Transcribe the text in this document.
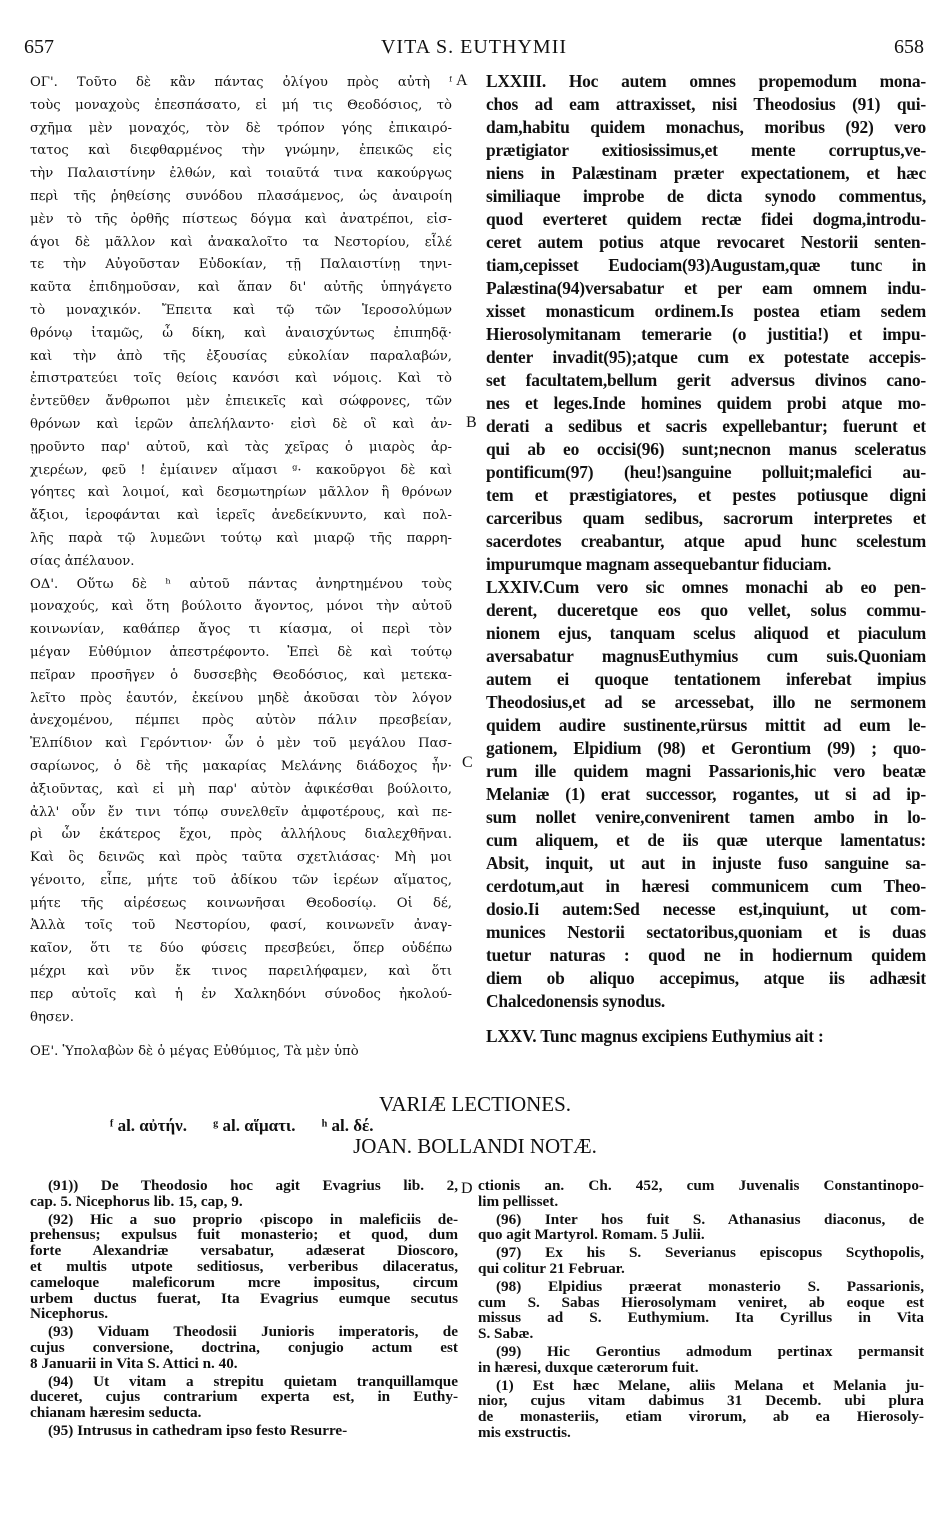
657	VITA S. EUTHYMII	658
ΟΓ'. Τοῦτο δὲ κἂν πάντας ὀλίγου πρὸς αὐτὴ ᶠ
τοὺς μοναχοὺς ἐπεσπάσατο, εἰ μή τις Θεοδόσιος, τὸ
σχῆμα μὲν μοναχός, τὸν δὲ τρόπον γόης ἐπικαιρό-
τατος καὶ διεφθαρμένος τὴν γνώμην, ἐπεικῶς εἰς
τὴν Παλαιστίνην ἐλθών, καὶ τοιαῦτά τινα κακούργως
περὶ τῆς ῥηθείσης συνόδου πλασάμενος, ὡς ἀναιροίη
μὲν τὸ τῆς ὀρθῆς πίστεως δόγμα καὶ ἀνατρέποι, εἰσ-
άγοι δὲ μᾶλλον καὶ ἀνακαλοῖτο τα Νεστορίου, εἷλέ
τε τὴν Αὐγοῦσταν Εὐδοκίαν, τῇ Παλαιστίνῃ τηνι-
καῦτα ἐπιδημοῦσαν, καὶ ἅπαν δι' αὐτῆς ὑπηγάγετο
τὸ μοναχικόν. Ἔπειτα καὶ τῷ τῶν Ἱεροσολύμων
θρόνῳ ἰταμῶς, ὦ δίκη, καὶ ἀναισχύντως ἐπιπηδᾷ·
καὶ τὴν ἀπὸ τῆς ἐξουσίας εὐκολίαν παραλαβών,
ἐπιστρατεύει τοῖς θείοις κανόσι καὶ νόμοις. Καὶ τὸ
ἐντεῦθεν ἄνθρωποι μὲν ἐπιεικεῖς καὶ σώφρονες, τῶν
θρόνων καὶ ἱερῶν ἀπελήλαντο· εἰσὶ δὲ οἳ καὶ ἀν-
ῃροῦντο παρ' αὐτοῦ, καὶ τὰς χεῖρας ὁ μιαρὸς ἀρ-
χιερέων, φεῦ ! ἐμίαινεν αἵμασι ᵍ· κακοῦργοι δὲ καὶ
γόητες καὶ λοιμοί, καὶ δεσμωτηρίων μᾶλλον ἢ θρόνων
ἄξιοι, ἱεροφάνται καὶ ἱερεῖς ἀνεδείκνυντο, καὶ πολ-
λῆς παρὰ τῷ λυμεῶνι τούτῳ καὶ μιαρῷ τῆς παρρη-
σίας ἀπέλαυον.
ΟΔ'. Οὕτω δὲ ʰ αὐτοῦ πάντας ἀνηρτημένου τοὺς
μοναχούς, καὶ ὅτη βούλοιτο ἄγοντος, μόνοι τὴν αὐτοῦ
κοινωνίαν, καθάπερ ἄγος τι κίασμα, οἱ περὶ τὸν
μέγαν Εὐθύμιον ἀπεστρέφοντο. Ἐπεὶ δὲ καὶ τούτῳ
πεῖραν προσῆγεν ὁ δυσσεβὴς Θεοδόσιος, καὶ μετεκα-
λεῖτο πρὸς ἑαυτόν, ἐκείνου μηδὲ ἀκοῦσαι τὸν λόγον
ἀνεχομένου, πέμπει πρὸς αὐτὸν πάλιν πρεσβείαν,
Ἐλπίδιον καὶ Γερόντιον· ὧν ὁ μὲν τοῦ μεγάλου Πασ-
σαρίωνος, ὁ δὲ τῆς μακαρίας Μελάνης διάδοχος ἦν·
ἀξιοῦντας, καὶ εἰ μὴ παρ' αὐτὸν ἀφικέσθαι βούλοιτο,
ἀλλ' οὖν ἔν τινι τόπῳ συνελθεῖν ἀμφοτέρους, καὶ πε-
ρὶ ὧν ἑκάτερος ἔχοι, πρὸς ἀλλήλους διαλεχθῆναι.
Καὶ ὃς δεινῶς καὶ πρὸς ταῦτα σχετλιάσας· Μὴ μοι
γένοιτο, εἶπε, μήτε τοῦ ἀδίκου τῶν ἱερέων αἵματος,
μήτε τῆς αἱρέσεως κοινωνῆσαι Θεοδοσίῳ. Οἱ δέ,
Ἀλλὰ τοῖς τοῦ Νεστορίου, φασί, κοινωνεῖν ἀναγ-
καῖον, ὅτι τε δύο φύσεις πρεσβεύει, ὅπερ οὐδέπω
μέχρι καὶ νῦν ἔκ τινος παρειλήφαμεν, καὶ ὅτι
περ αὐτοῖς καὶ ἡ ἐν Χαλκηδόνι σύνοδος ἠκολού-
θησεν.
ΟΕ'. Ὑπολαβὼν δὲ ὁ μέγας Εὐθύμιος, Τὰ μὲν ὑπὸ
LXXIII. Hoc autem omnes propemodum mona-
chos ad eam attraxisset, nisi Theodosius (91) qui-
dam,habitu quidem monachus, moribus (92) vero
prætigiator exitiosissimus,et mente corruptus,ve-
niens in Palæstinam præter expectationem, et hæc
similiaque improbe de dicta synodo commentus,
quod everteret quidem rectæ fidei dogma,introdu-
ceret autem potius atque revocaret Nestorii senten-
tiam,cepisset Eudociam(93)Augustam,quæ tunc in
Palæstina(94)versabatur et per eam omnem indu-
xisset monasticum ordinem.Is postea etiam sedem
Hierosolymitanam temerarie (o justitia!) et impu-
denter invadit(95);atque cum ex potestate accepis-
set facultatem,bellum gerit adversus divinos cano-
nes et leges.Inde homines quidem probi atque mo-
derati a sedibus et sacris expellebantur; fuerunt et
qui ab eo occisi(96) sunt;necnon manus sceleratus
pontificum(97) (heu!)sanguine polluit;malefici au-
tem et præstigiatores, et pestes potiusque digni
carceribus quam sedibus, sacrorum interpretes et
sacerdotes creabantur, atque apud hunc scelestum
impurumque magnam assequebantur fiduciam.
LXXIV.Cum vero sic omnes monachi ab eo pen-
derent, duceretque eos quo vellet, solus commu-
nionem ejus, tanquam scelus aliquod et piaculum
aversabatur magnusEuthymius cum suis.Quoniam
autem ei quoque tentationem inferebat impius
Theodosius,et ad se arcessebat, illo ne sermonem
quidem audire sustinente,rürsus mittit ad eum le-
gationem, Elpidium (98) et Gerontium (99) ; quo-
rum ille quidem magni Passarionis,hic vero beatæ
Melaniæ (1) erat successor, rogantes, ut si ad ip-
sum nollet venire,convenirent tamen ambo in lo-
cum aliquem, et de iis quæ uterque lamentatus:
Absit, inquit, ut aut in injuste fuso sanguine sa-
cerdotum,aut in hæresi communicem cum Theo-
dosio.Ii autem:Sed necesse est,inquiunt, ut com-
munices Nestorii sectatoribus,quoniam et is duas
tuetur naturas : quod ne in hodiernum quidem
diem ob aliquo accepimus, atque iis adhæsit
Chalcedonensis synodus.
LXXV. Tunc magnus excipiens Euthymius ait :
A
B
C
D
VARIÆ LECTIONES.
ᶠ al. αὐτήν. ᵍ al. αἵματι. ʰ al. δέ.
JOAN. BOLLANDI NOTÆ.
(91)) De Theodosio hoc agit Evagrius lib. 2,
cap. 5. Nicephorus lib. 15, cap, 9.
(92) Hic a suo proprio ‹piscopo in maleficiis de-
prehensus; expulsus fuit monasterio; et quod, dum
forte Alexandriæ versabatur, adæserat Dioscoro,
et multis utpote seditiosus, verberibus dilaceratus,
cameloque maleficorum mcre impositus, circum
urbem ductus fuerat, Ita Evagrius eumque secutus
Nicephorus.
(93) Viduam Theodosii Junioris imperatoris, de
cujus conversione, doctrina, conjugio actum est
8 Januarii in Vita S. Attici n. 40.
(94) Ut vitam a strepitu quietam tranquillamque
duceret, cujus contrarium experta est, in Euthy-
chianam hæresim seducta.
(95) Intrusus in cathedram ipso festo Resurre-
ctionis an. Ch. 452, cum Juvenalis Constantinopo-
lim pellisset.
(96) Inter hos fuit S. Athanasius diaconus, de
quo agit Martyrol. Romam. 5 Julii.
(97) Ex his S. Severianus episcopus Scythopolis,
qui colitur 21 Februar.
(98) Elpidius præerat monasterio S. Passarionis,
cum S. Sabas Hierosolymam veniret, ab eoque est
missus ad S. Euthymium. Ita Cyrillus in Vita
S. Sabæ.
(99) Hic Gerontius admodum pertinax permansit
in hæresi, duxque cæterorum fuit.
(1) Est hæc Melane, aliis Melana et Melania ju-
nior, cujus vitam dabimus 31 Decemb. ubi plura
de monasteriis, etiam virorum, ab ea Hierosoly-
mis exstructis.
